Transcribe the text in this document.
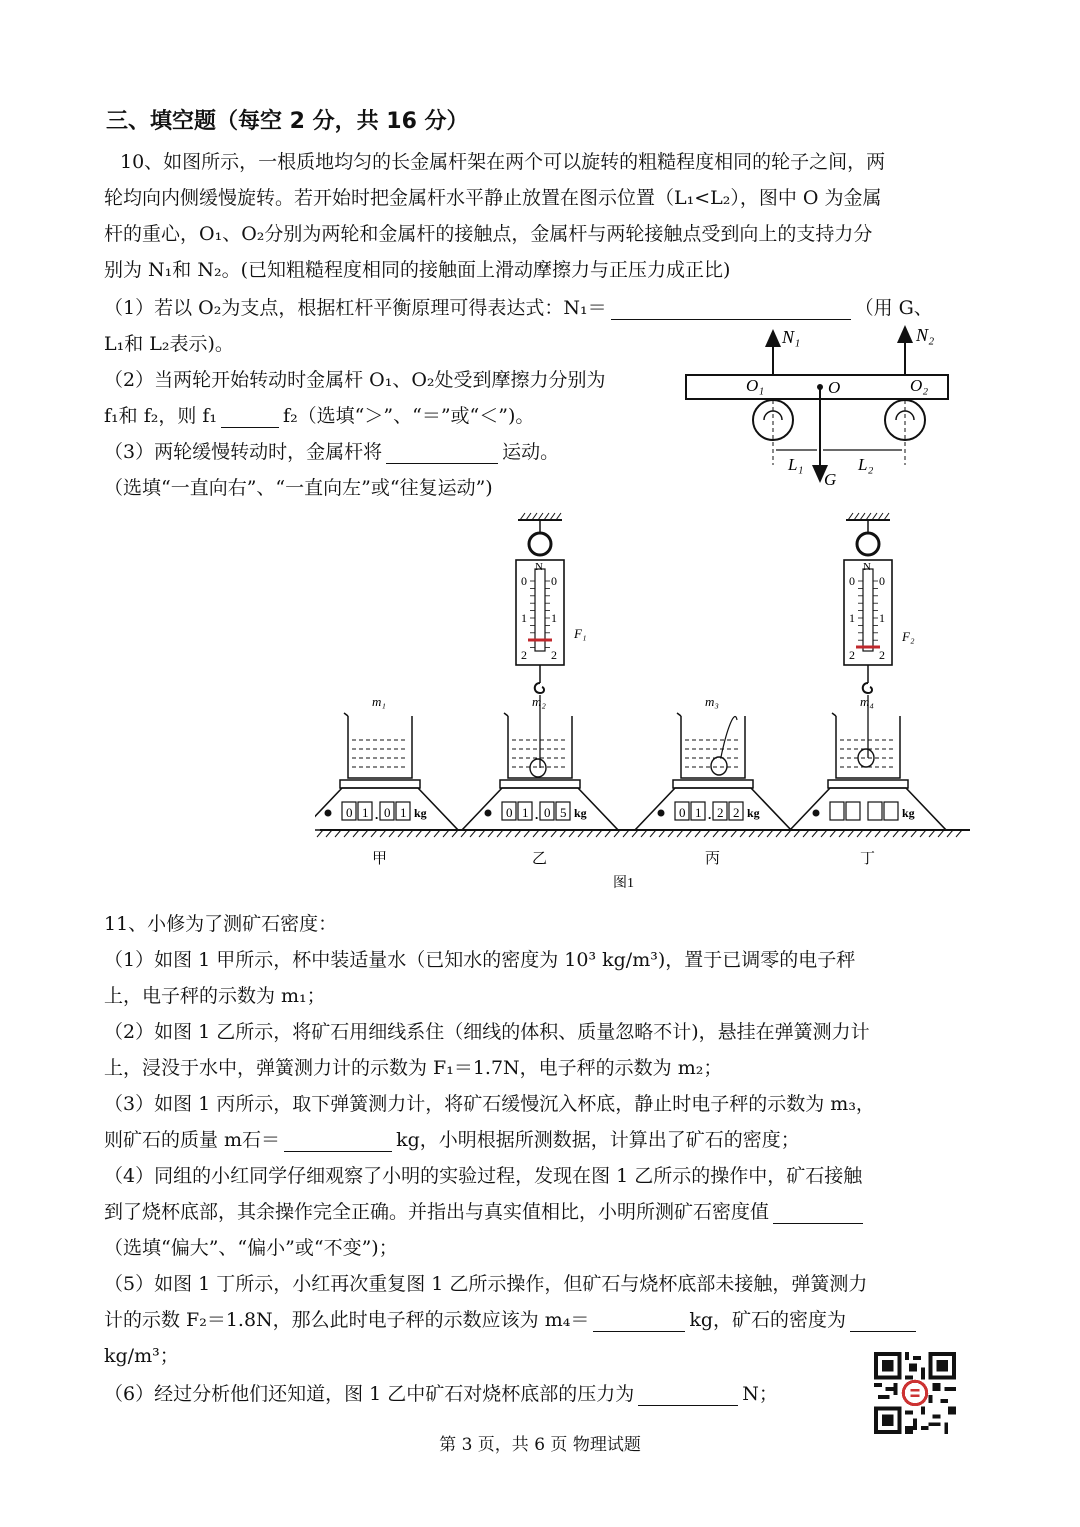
三、填空题（每空 2 分，共 16 分）
10、如图所示，一根质地均匀的长金属杆架在两个可以旋转的粗糙程度相同的轮子之间，两
轮均向内侧缓慢旋转。若开始时把金属杆水平静止放置在图示位置（L₁<L₂），图中 O 为金属
杆的重心，O₁、O₂分别为两轮和金属杆的接触点，金属杆与两轮接触点受到向上的支持力分
别为 N₁和 N₂。(已知粗糙程度相同的接触面上滑动摩擦力与正压力成正比)
（1）若以 O₂为支点，根据杠杆平衡原理可得表达式：N₁＝	（用 G、
L₁和 L₂表示)。
（2）当两轮开始转动时金属杆 O₁、O₂处受到摩擦力分别为
f₁和 f₂，则 f₁	f₂（选填“＞”、“＝”或“＜”)。
（3）两轮缓慢转动时，金属杆将	运动。
（选填“一直向右”、“一直向左”或“往复运动”)
N₁	N₂
O₁	O	O₂
L₁	L₂
G
0 1 0 1
.	kg
m₁
甲
0 1 0 5
.	kg
m₂
乙
0 1 2 2
.	kg
m₃
丙
kg
m₄
丁
N
0 0
1 1
2 2
F₁
N
0 0
1 1
2 2
F₂
图1
11、小修为了测矿石密度：
（1）如图 1 甲所示，杯中装适量水（已知水的密度为 10³ kg/m³)，置于已调零的电子秤
上，电子秤的示数为 m₁；
（2）如图 1 乙所示，将矿石用细线系住（细线的体积、质量忽略不计)，悬挂在弹簧测力计
上，浸没于水中，弹簧测力计的示数为 F₁＝1.7N，电子秤的示数为 m₂；
（3）如图 1 丙所示，取下弹簧测力计，将矿石缓慢沉入杯底，静止时电子秤的示数为 m₃，
则矿石的质量 m石＝	kg，小明根据所测数据，计算出了矿石的密度；
（4）同组的小红同学仔细观察了小明的实验过程，发现在图 1 乙所示的操作中，矿石接触
到了烧杯底部，其余操作完全正确。并指出与真实值相比，小明所测矿石密度值
（选填“偏大”、“偏小”或“不变”)；
（5）如图 1 丁所示，小红再次重复图 1 乙所示操作，但矿石与烧杯底部未接触，弹簧测力
计的示数 F₂＝1.8N，那么此时电子秤的示数应该为 m₄＝	kg，矿石的密度为
kg/m³；
（6）经过分析他们还知道，图 1 乙中矿石对烧杯底部的压力为	N；
第 3 页，共 6 页 物理试题
